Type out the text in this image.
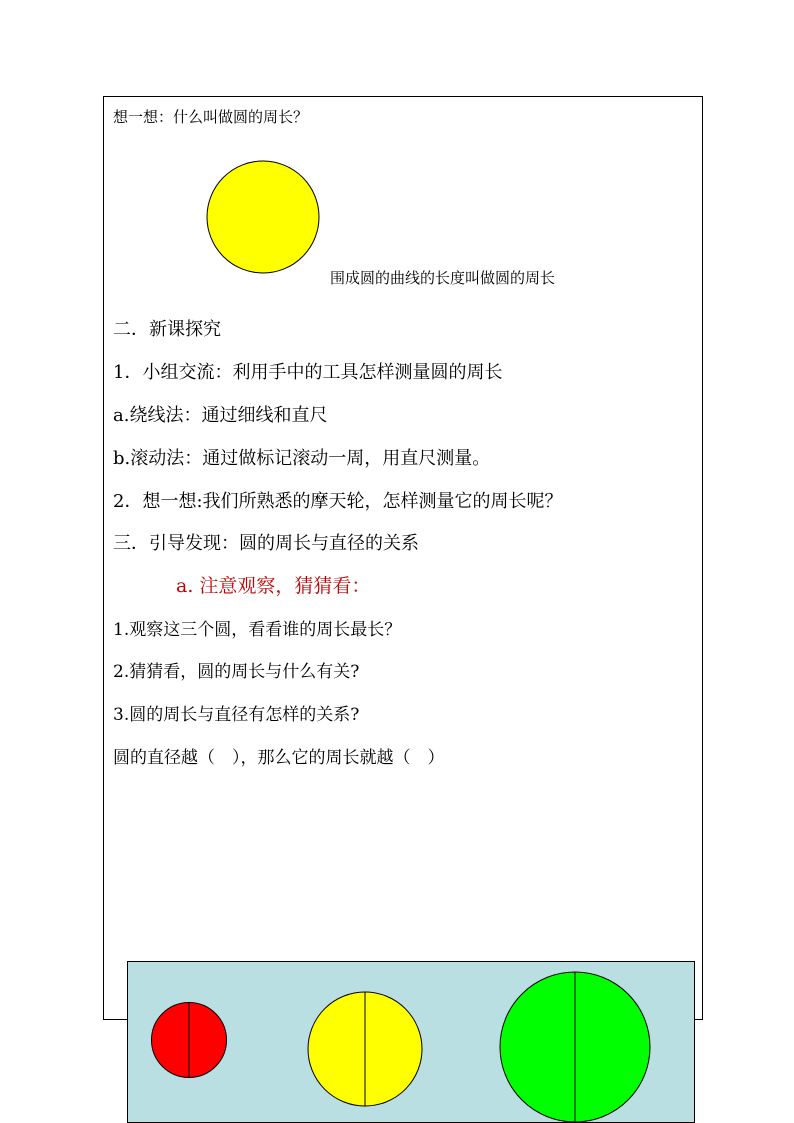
想一想：什么叫做圆的周长？
围成圆的曲线的长度叫做圆的周长
二．新课探究
1．小组交流：利用手中的工具怎样测量圆的周长
a.绕线法：通过细线和直尺
b.滚动法：通过做标记滚动一周，用直尺测量。
2．想一想:我们所熟悉的摩天轮，怎样测量它的周长呢？
三．引导发现：圆的周长与直径的关系
a. 注意观察，猜猜看：
1.观察这三个圆，看看谁的周长最长？
2.猜猜看，圆的周长与什么有关?
3.圆的周长与直径有怎样的关系?
圆的直径越（　），那么它的周长就越（　）
